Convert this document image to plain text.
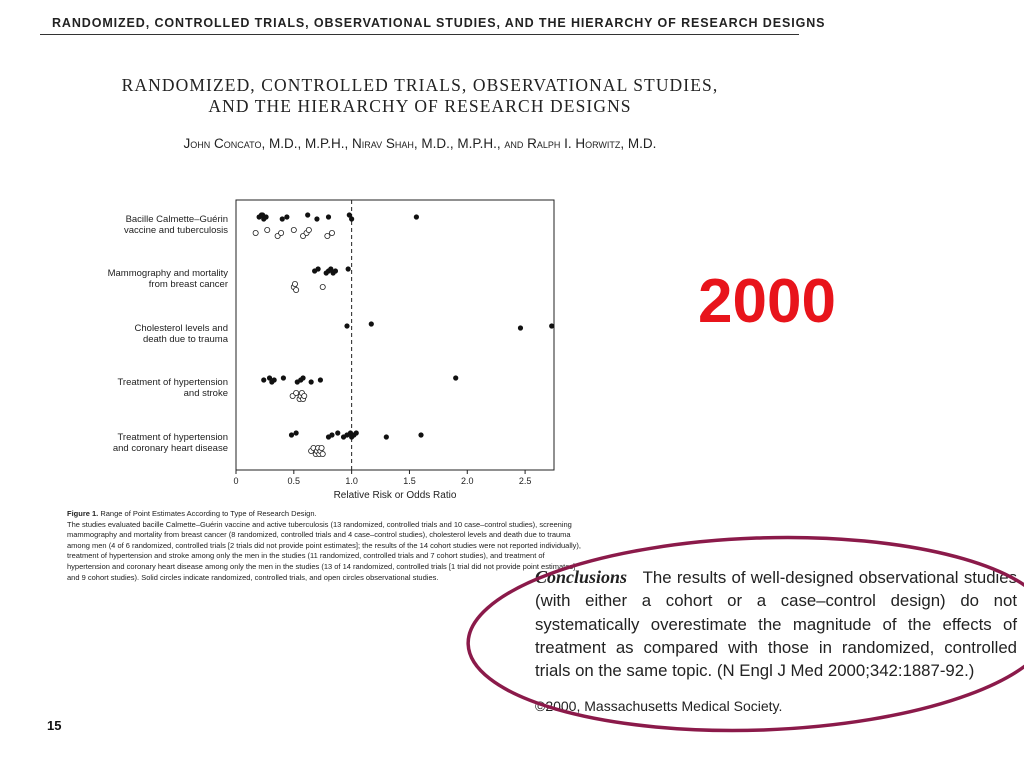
RANDOMIZED, CONTROLLED TRIALS, OBSERVATIONAL STUDIES, AND THE HIERARCHY OF RESEARCH DESIGNS
RANDOMIZED, CONTROLLED TRIALS, OBSERVATIONAL STUDIES,
AND THE HIERARCHY OF RESEARCH DESIGNS
John Concato, M.D., M.P.H., Nirav Shah, M.D., M.P.H., and Ralph I. Horwitz, M.D.
2000
0	0.5	1.0	1.5	2.0	2.5
Relative Risk or Odds Ratio
Bacille Calmette–Guérin
vaccine and tuberculosis
Mammography and mortality
from breast cancer
Cholesterol levels and
death due to trauma
Treatment of hypertension
and stroke
Treatment of hypertension
and coronary heart disease
Figure 1. Range of Point Estimates According to Type of Research Design.
The studies evaluated bacille Calmette–Guérin vaccine and active tuberculosis (13 randomized, controlled trials and 10 case–control studies), screening mammography and mortality from breast cancer (8 randomized, controlled trials and 4 case–control studies), cholesterol levels and death due to trauma among men (4 of 6 randomized, controlled trials [2 trials did not provide point estimates]; the results of the 14 cohort studies were not reported individually), treatment of hypertension and stroke among only the men in the studies (11 randomized, controlled trials and 7 cohort studies), and treatment of hypertension and coronary heart disease among only the men in the studies (13 of 14 randomized, controlled trials [1 trial did not provide point estimates] and 9 cohort studies). Solid circles indicate randomized, controlled trials, and open circles observational studies.	Conclusions The results of well-designed observational studies (with either a cohort or a case–control design) do not systematically overestimate the magnitude of the effects of treatment as compared with those in randomized, controlled trials on the same topic. (N Engl J Med 2000;342:1887-92.)
©2000, Massachusetts Medical Society.
15
